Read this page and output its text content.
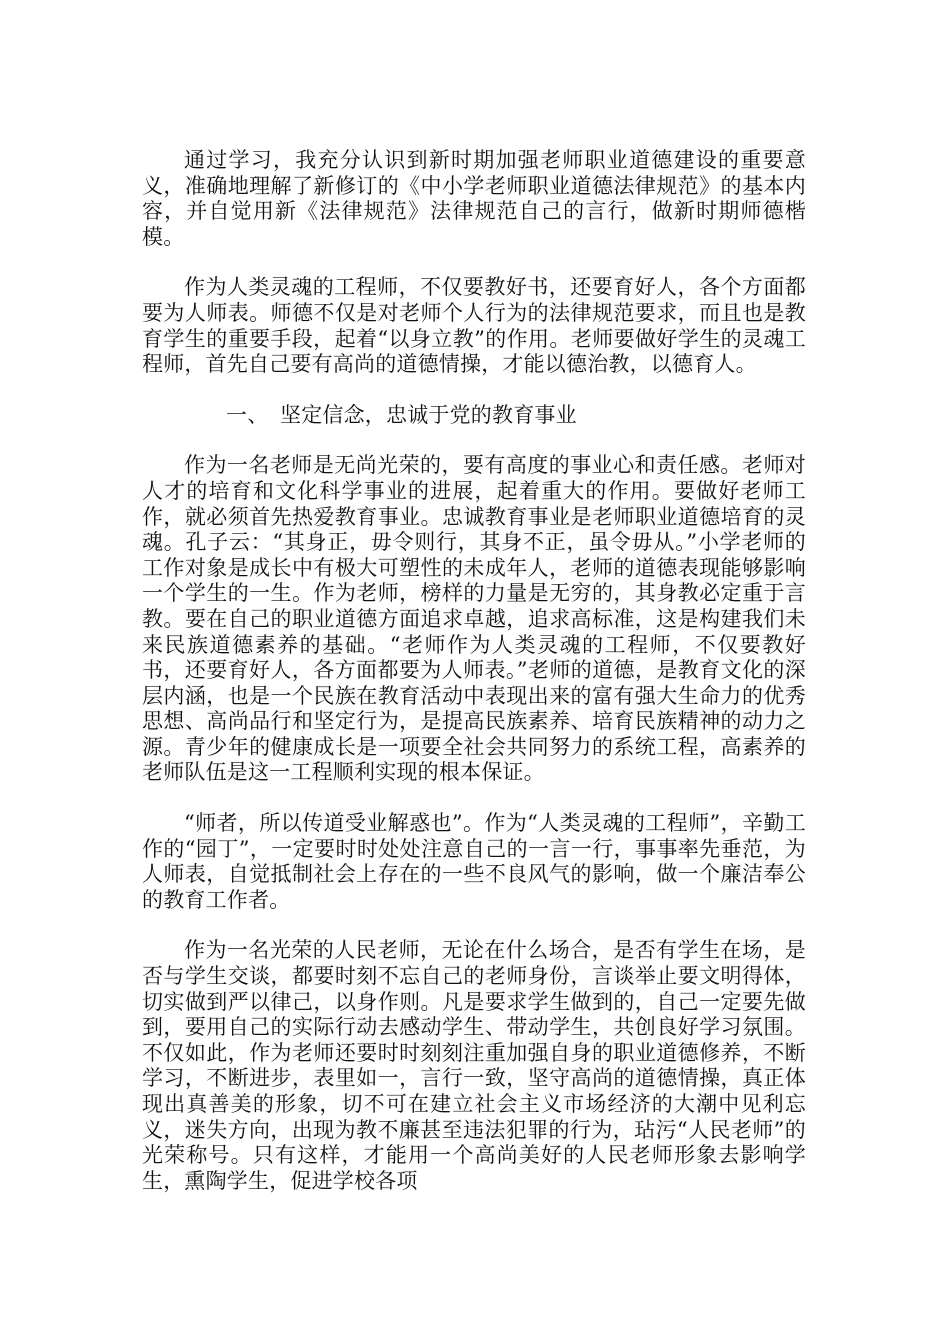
通过学习，我充分认识到新时期加强老师职业道德建设的重要意义，准确地理解了新修订的《中小学老师职业道德法律规范》的基本内容，并自觉用新《法律规范》法律规范自己的言行，做新时期师德楷模。

作为人类灵魂的工程师，不仅要教好书，还要育好人，各个方面都要为人师表。师德不仅是对老师个人行为的法律规范要求，而且也是教育学生的重要手段，起着“以身立教”的作用。老师要做好学生的灵魂工程师，首先自己要有高尚的道德情操，才能以德治教，以德育人。

一、 坚定信念，忠诚于党的教育事业

作为一名老师是无尚光荣的，要有高度的事业心和责任感。老师对人才的培育和文化科学事业的进展，起着重大的作用。要做好老师工作，就必须首先热爱教育事业。忠诚教育事业是老师职业道德培育的灵魂。孔子云：“其身正，毋令则行，其身不正，虽令毋从。”小学老师的工作对象是成长中有极大可塑性的未成年人，老师的道德表现能够影响一个学生的一生。作为老师，榜样的力量是无穷的，其身教必定重于言教。要在自己的职业道德方面追求卓越，追求高标准，这是构建我们未来民族道德素养的基础。“老师作为人类灵魂的工程师，不仅要教好书，还要育好人，各方面都要为人师表。”老师的道德，是教育文化的深层内涵，也是一个民族在教育活动中表现出来的富有强大生命力的优秀思想、高尚品行和坚定行为，是提高民族素养、培育民族精神的动力之源。青少年的健康成长是一项要全社会共同努力的系统工程，高素养的老师队伍是这一工程顺利实现的根本保证。

“师者，所以传道受业解惑也”。作为“人类灵魂的工程师”，辛勤工作的“园丁”，一定要时时处处注意自己的一言一行，事事率先垂范，为人师表，自觉抵制社会上存在的一些不良风气的影响，做一个廉洁奉公的教育工作者。

作为一名光荣的人民老师，无论在什么场合，是否有学生在场，是否与学生交谈，都要时刻不忘自己的老师身份，言谈举止要文明得体，切实做到严以律己，以身作则。凡是要求学生做到的，自己一定要先做到，要用自己的实际行动去感动学生、带动学生，共创良好学习氛围。不仅如此，作为老师还要时时刻刻注重加强自身的职业道德修养，不断学习，不断进步，表里如一，言行一致，坚守高尚的道德情操，真正体现出真善美的形象，切不可在建立社会主义市场经济的大潮中见利忘义，迷失方向，出现为教不廉甚至违法犯罪的行为，玷污“人民老师”的光荣称号。只有这样，才能用一个高尚美好的人民老师形象去影响学生，熏陶学生，促进学校各项
